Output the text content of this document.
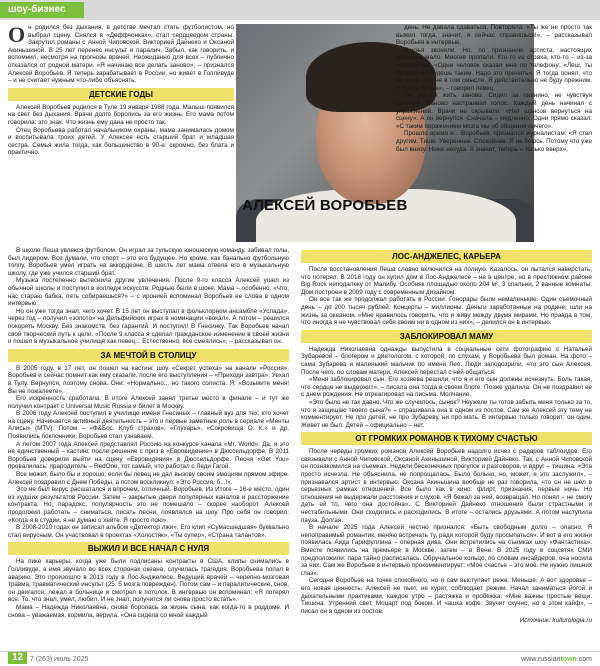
шоу-бизнес
АЛЕКСЕЙ ВОРОБЬЕВ

Он родился без дыхания, в детстве мечтал стать футболистом, но выбрал сцену. Снялся в «Деффчонках», стал сердцеедом страны. Закрутил романы с Анной Чиповской, Викторией Дайнеко и Оксаной Акиньшиной. В 25 лет перенес инсульт и паралич. Забыл, как говорить, и вспомнил, несмотря на прогнозы врачей. Неожиданно для всех – публично отказался от родной матери. «Я начинаю все делать заново», – признался Алексей Воробьев. Я теперь зарабатывает в России, но живет в Голливуде – и не считает нужным что-либо объяснять.

ДЕТСКИЕ ГОДЫ

Алексей Воробьев родился в Туле 19 января 1988 года. Малыш появился на свет без дыхания. Врачи долго боролись за его жизнь. Его мама потом говорила: это знак. Что жизнь ему дана не просто так.

Отец Воробьева работал начальником охраны, мама занималась домом и воспитывала троих детей. У Алексея есть старший брат и младшая сестра. Семья жила тогда, как большинство в 90-е: скромно, без блата и практично.

В школе Леша увлекся футболом. Он играл за тульскую юношескую команду, забивал голы, был лидером. Все думали, что спорт – это его будущее. Но кроме, как банально футбольную толпу, Воробьев умел играть на аккордеоне. В шесть лет мама отвела его в музыкальную школу, где уже учился старший брат.

Музыка постепенно вытеснила другие увлечения. После 9-го класса Алексей ушел из обычной школы и поступил в колледж искусств. Родные были в шоке. Мама – особенно. «Что, нас стараю бабка, пять собираешься?» – с иронией вспоминал Воробьев ее слова в одном интервью.

Но он уже тогда знал, чего хочет. В 15 лет он выступал в фольклорном ансамбле «Услада», через год – получил «золото» на Дельфийских играх в номинации «вокал». А потом – решился покорять Москву. Без знакомств, без гарантий. И поступил! В Гнесинку. Так Воробьев начал свой творческий путь к цели. «После 9 класса я сделал гражданское изменение в своей жизни и пошел в музыкальное училище как певец... Естественно, все смеялись», – рассказывал он.

ЗА МЕЧТОЙ В СТОЛИЦУ

В 2005 году, в 17 лет, он пошел на кастинг шоу «Секрет успеха» на канале «Россия». Воробьев и сейчас помнит как ему сказали, после его выступления – «Приходи завтра». Уехал в Тулу. Вернулся, поэтому снова. Они: «Нормально... но такого солиста. Я: «Возьмите меня! Вы не пожалеете».

Его искренность сработала. В итоге Алексей занял третье место в финале – и тут же получил контракт с Universal Music Russia и билет в Москву.

В 2006 году Алексей поступил в училище имени Гнесиных – главный вуз для тех, кто хочет на сцену. Начинается активный деятельность – это и первые заметные роль в сериале «Менты Алисы» (MTV). Потом – «Ф&Бос. Клуб страхов», «Глухарь», «Сокровища О. К.» и др. Появились поклонники. Воробьев стал узнаваем.

А летом 2007 года Алексей представлял Россию на конкурсе канала «Mr. World». Да, и это не единственный – кастинг, после решение с приз в «Евровидение» в Дюссельдорфе. В 2011 Воробьев доверили выйти на сцену «Евровидения» в Дюссельдорфе. Песня «Get You» провалилась: прародитель – RedOne, тот самый, что работал с Леди Гагой.

Все может, было бы и хорошо, если бы певец не дал вызову своим эмоциям прямом эфире. Алексей поздравил с Днем Победы, а потом воскликнул: «Это Россия, б...!».

Это не был вирус расшатался и впрочем, отличный. Воробьев. Из Итоге – 16-е место, один из худших результатов России. Затем – закрытые двери популярных каналов и рассторжение контракта. Но, парадокс, популярность это не помешало – скорее наоборот. Алексей продолжил работать – сниматься, писать песни, появлялся на шоу. Про себя он говорил: «Когда я в студии, я не думаю о хейте. Я просто пою».

В 2008-2010 годах он записал альбом «Детектор лжи». Его клип «Сумасшедшая» буквально стал вирусным. Он участвовал в проектах «Холостяк», «Ты супер», «Страна талантов».

ВЫЖИЛ И ВСЕ НАЧАЛ С НУЛЯ

На пике карьеры, когда уже были подписаны контракты в США, клипы снимались в Голливуде, а имя звучало во всех сторонах океана, случилась трагедия. Воробьева попал в аварию. Это произошло в 2013 году в Лос-Анджелесе. Ведущий врачей – черепно-мозговая травма, травматический инсульт (25. 5 мозга поврежден). Потом сам – и паралитические, снов, он двигался, лежал в больнице и смотрел в потолок. В интервью он вспоминал: «Я потерял все. То, что знал, умел, любил. И не знал, получится ли снова просто встать».

Мама – Надежда Николаевна, снова боролась за жизнь сына, как когда-то в роддоме. И снова – уважаемая, кормила, верила. «Она сидела со мной каждый

день. Не давала сдаваться. Повторяла: «Ты же не просто так выжил тогда, значит, и сейчас справишься!», – рассказывал Воробьев в интервью.

Друзья звонили. Но, по признанию артиста, настоящих осталось мало. Многие пропали. Кто-то из страха, кто-то – из-за неудобства. «Одни человек сказал мне по телефону: «Леш, ты больше не будешь таким. Надо это принять». Я тогда понял, что он прав – но не в том смысле. Я действительно не буду прежним. Я стану лучше», – говорил певец.

Он учился жить заново. Сидел за пианино, не чувствуя пальцев. Заново настраивал голос. Каждый день начинал с упражнений. Врачи не скрывали: «Нет шансов вернуться на сцену». А он вернулся. Сначала – медленно. Одни прямо сказал: «С таким поражением мозга мы об общении ничего».

Прошло время и... Воробьев, признался журналистам: «Я стал другим. Тише. Увереннее. Спокойнее. Я не боюсь. Потому что уже был внизу. Ниже некуда. А значит, теперь – только вверх».

ЛОС-АНДЖЕЛЕС, КАРЬЕРА

После восстановления Леша словно включился на полную. Казалось, он пытался наверстать, что потерял. В 2018 году он купил дом в Лос-Анджелесе – не в центре, но в престижном районе Big Rock неподалеку от Малибу. Особняк площадью около 204 м², 3 спальни, 2 ванные комнаты. Дом построен в 2009 году с современным дизайном.

Он все так же продолжал работать в России. Гонорары были немаленькие. Один съемочный день – до 200 тысяч рублей. Концерты – миллионы. Деньги заработанные на родине, шли на жизнь за океаном. «Мне нравилось говорить, что я живу между двумя мирами. Но правда в том, что иногда я не чувствовал себя своим ни в одном из них», – делился он в интервью.

ЗАБЛОКИРОВАЛ МАМУ

Надежда Николаевна однажды выпустила в социальные сети фотографию с Натальей Зубаревой – блогером и диетологом, с которой, по слухам, у Воробьева был роман. На фото – сама Зубарева и маленький мальчик по имени Лео. Люди заподозрили, что это сын Алексея. После чего, по словам матери, Алексей перестал с ней общаться.

«Меня заблокировал сын. Его хозяева решили, что я и его сын должны исчезнуть. Боль такая, что сердце не выдержит», – писала она тогда в своем блоге. Позже удалила. Он не поздравил ее с днем рождения. Не отреагировал на письма. Молчание.

«Это было не так давно. Что же случилось, сынок? Неужели ты готов забыть меня только за то, что я защищаю твоего сына?» – спрашивала она в одном из постов. Сам же Алексей эту тему не комментирует. Не про детей, не про Зубареву, ни про мать. В интервью только говорит: он один. Живет не был. Детей – официально – нет.

ОТ ГРОМКИХ РОМАНОВ К ТИХОМУ СЧАСТЬЮ

После череды громких романов Алексей Воробьев надолго исчез с радаров таблоидов. Его связывали с Анной Чиповской, Оксаной Акиньшиной, Викторией Дайнеко. Так, с Анной Чиповской он познакомился на съемках. Недели бесконечных прогулок и разговоров, и вдруг – тишина. «Эта просто исчезла. Не объяснила, не попрощалась. Было больно, но, может, я это заслужил», – признавался артист в интервью. Оксана Акиньшина вообще не раз говорила, что он не шел в серьезных рамках отношений. Все было как в кино: флирт, признания, первые ночь. Но отношения не выдержали расстояния и слухов. «Я бежал за ней, возвращал. Но понял – не смогу дать ей то, чего она достойна». С Викторией Дайнеко отношения были страстными и нестабильными. Они сходились и расходились. В итоге – остались друзьями. А потом наступила пауза. Долгая.

В начале 2025 года Алексей честно признался: «Быть свободным долго – опасно. Я непоправимый романтик, меняю встречать ту, ради которой буду просыпаться». И вот в его жизни появилась Аида Гарифуллина – оперная дива. Они встретились на съемках шоу «Фантастика». Вместе появились на премьере в Москве, затем – в Вене. В 2025 году в соцсетях СМИ предположили: пара тайно расписалась. Обручальное кольцо, по словам инсайдеров, она носила за них. Сам же Воробьев в интервью прокомментирует: «Мое счастье – это мое. Не нужно лишних глаз».

Сегодня Воробьев на точке спокойного, но и сам выступает реже. Меньше. А вот здоровье – его новая ценность. Алексей не пьет, не курит, соблюдает режим. Начал заниматься йогой и дыхательными практиками, каждое утро – растяжка и пробежка. «Мне важны простые вещи. Тишина. Утренний свет. Моцарт под боком. И чашка кофе. Звучит скучно, но в этом кайф», – писал он в одном из постов.

Источник: kulturologia.ru
12 7 (263) июль 2025	www.russiantown.com
